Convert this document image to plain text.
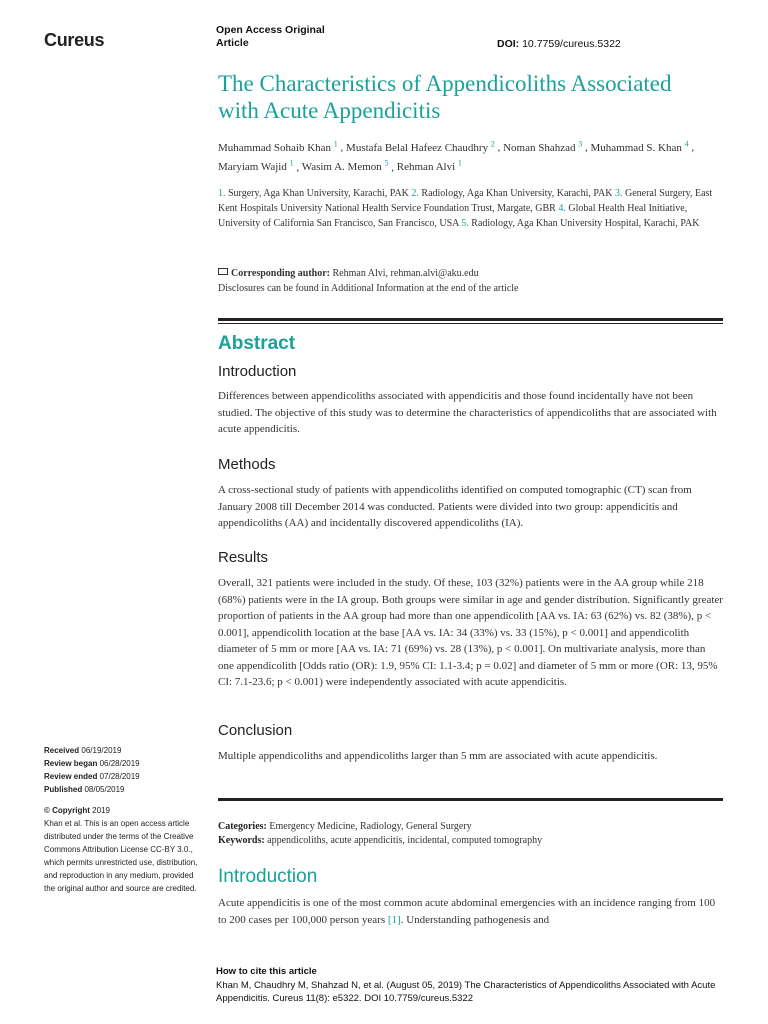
Cureus	Open Access Original
Article	DOI: 10.7759/cureus.5322
The Characteristics of Appendicoliths Associated with Acute Appendicitis
Muhammad Sohaib Khan $^1$ , Mustafa Belal Hafeez Chaudhry $^2$ , Noman Shahzad $^3$ , Muhammad S. Khan $^4$ , Maryiam Wajid $^1$ , Wasim A. Memon $^5$ , Rehman Alvi $^1$
1. Surgery, Aga Khan University, Karachi, PAK 2. Radiology, Aga Khan University, Karachi, PAK 3. General Surgery, East Kent Hospitals University National Health Service Foundation Trust, Margate, GBR 4. Global Health Heal Initiative, University of California San Francisco, San Francisco, USA 5. Radiology, Aga Khan University Hospital, Karachi, PAK
Corresponding author: Rehman Alvi, rehman.alvi@aku.edu
Disclosures can be found in Additional Information at the end of the article
Abstract
Introduction
Differences between appendicoliths associated with appendicitis and those found incidentally have not been studied. The objective of this study was to determine the characteristics of appendicoliths that are associated with acute appendicitis.
Methods
A cross-sectional study of patients with appendicoliths identified on computed tomographic (CT) scan from January 2008 till December 2014 was conducted. Patients were divided into two group: appendicitis and appendicoliths (AA) and incidentally discovered appendicoliths (IA).
Results
Overall, 321 patients were included in the study. Of these, 103 (32%) patients were in the AA group while 218 (68%) patients were in the IA group. Both groups were similar in age and gender distribution. Significantly greater proportion of patients in the AA group had more than one appendicolith [AA vs. IA: 63 (62%) vs. 82 (38%), p < 0.001], appendicolith location at the base [AA vs. IA: 34 (33%) vs. 33 (15%), p < 0.001] and appendicolith diameter of 5 mm or more [AA vs. IA: 71 (69%) vs. 28 (13%), p < 0.001]. On multivariate analysis, more than one appendicolith [Odds ratio (OR): 1.9, 95% CI: 1.1-3.4; p = 0.02] and diameter of 5 mm or more (OR: 13, 95% CI: 7.1-23.6; p < 0.001) were independently associated with acute appendicitis.
Conclusion
Multiple appendicoliths and appendicoliths larger than 5 mm are associated with acute appendicitis.
Categories: Emergency Medicine, Radiology, General Surgery
Keywords: appendicoliths, acute appendicitis, incidental, computed tomography
Introduction
Acute appendicitis is one of the most common acute abdominal emergencies with an incidence ranging from 100 to 200 cases per 100,000 person years [1]. Understanding pathogenesis and
Received 06/19/2019
Review began 06/28/2019
Review ended 07/28/2019
Published 08/05/2019
© Copyright 2019
Khan et al. This is an open access article distributed under the terms of the Creative Commons Attribution License CC-BY 3.0., which permits unrestricted use, distribution, and reproduction in any medium, provided the original author and source are credited.
How to cite this article
Khan M, Chaudhry M, Shahzad N, et al. (August 05, 2019) The Characteristics of Appendicoliths Associated with Acute Appendicitis. Cureus 11(8): e5322. DOI 10.7759/cureus.5322
